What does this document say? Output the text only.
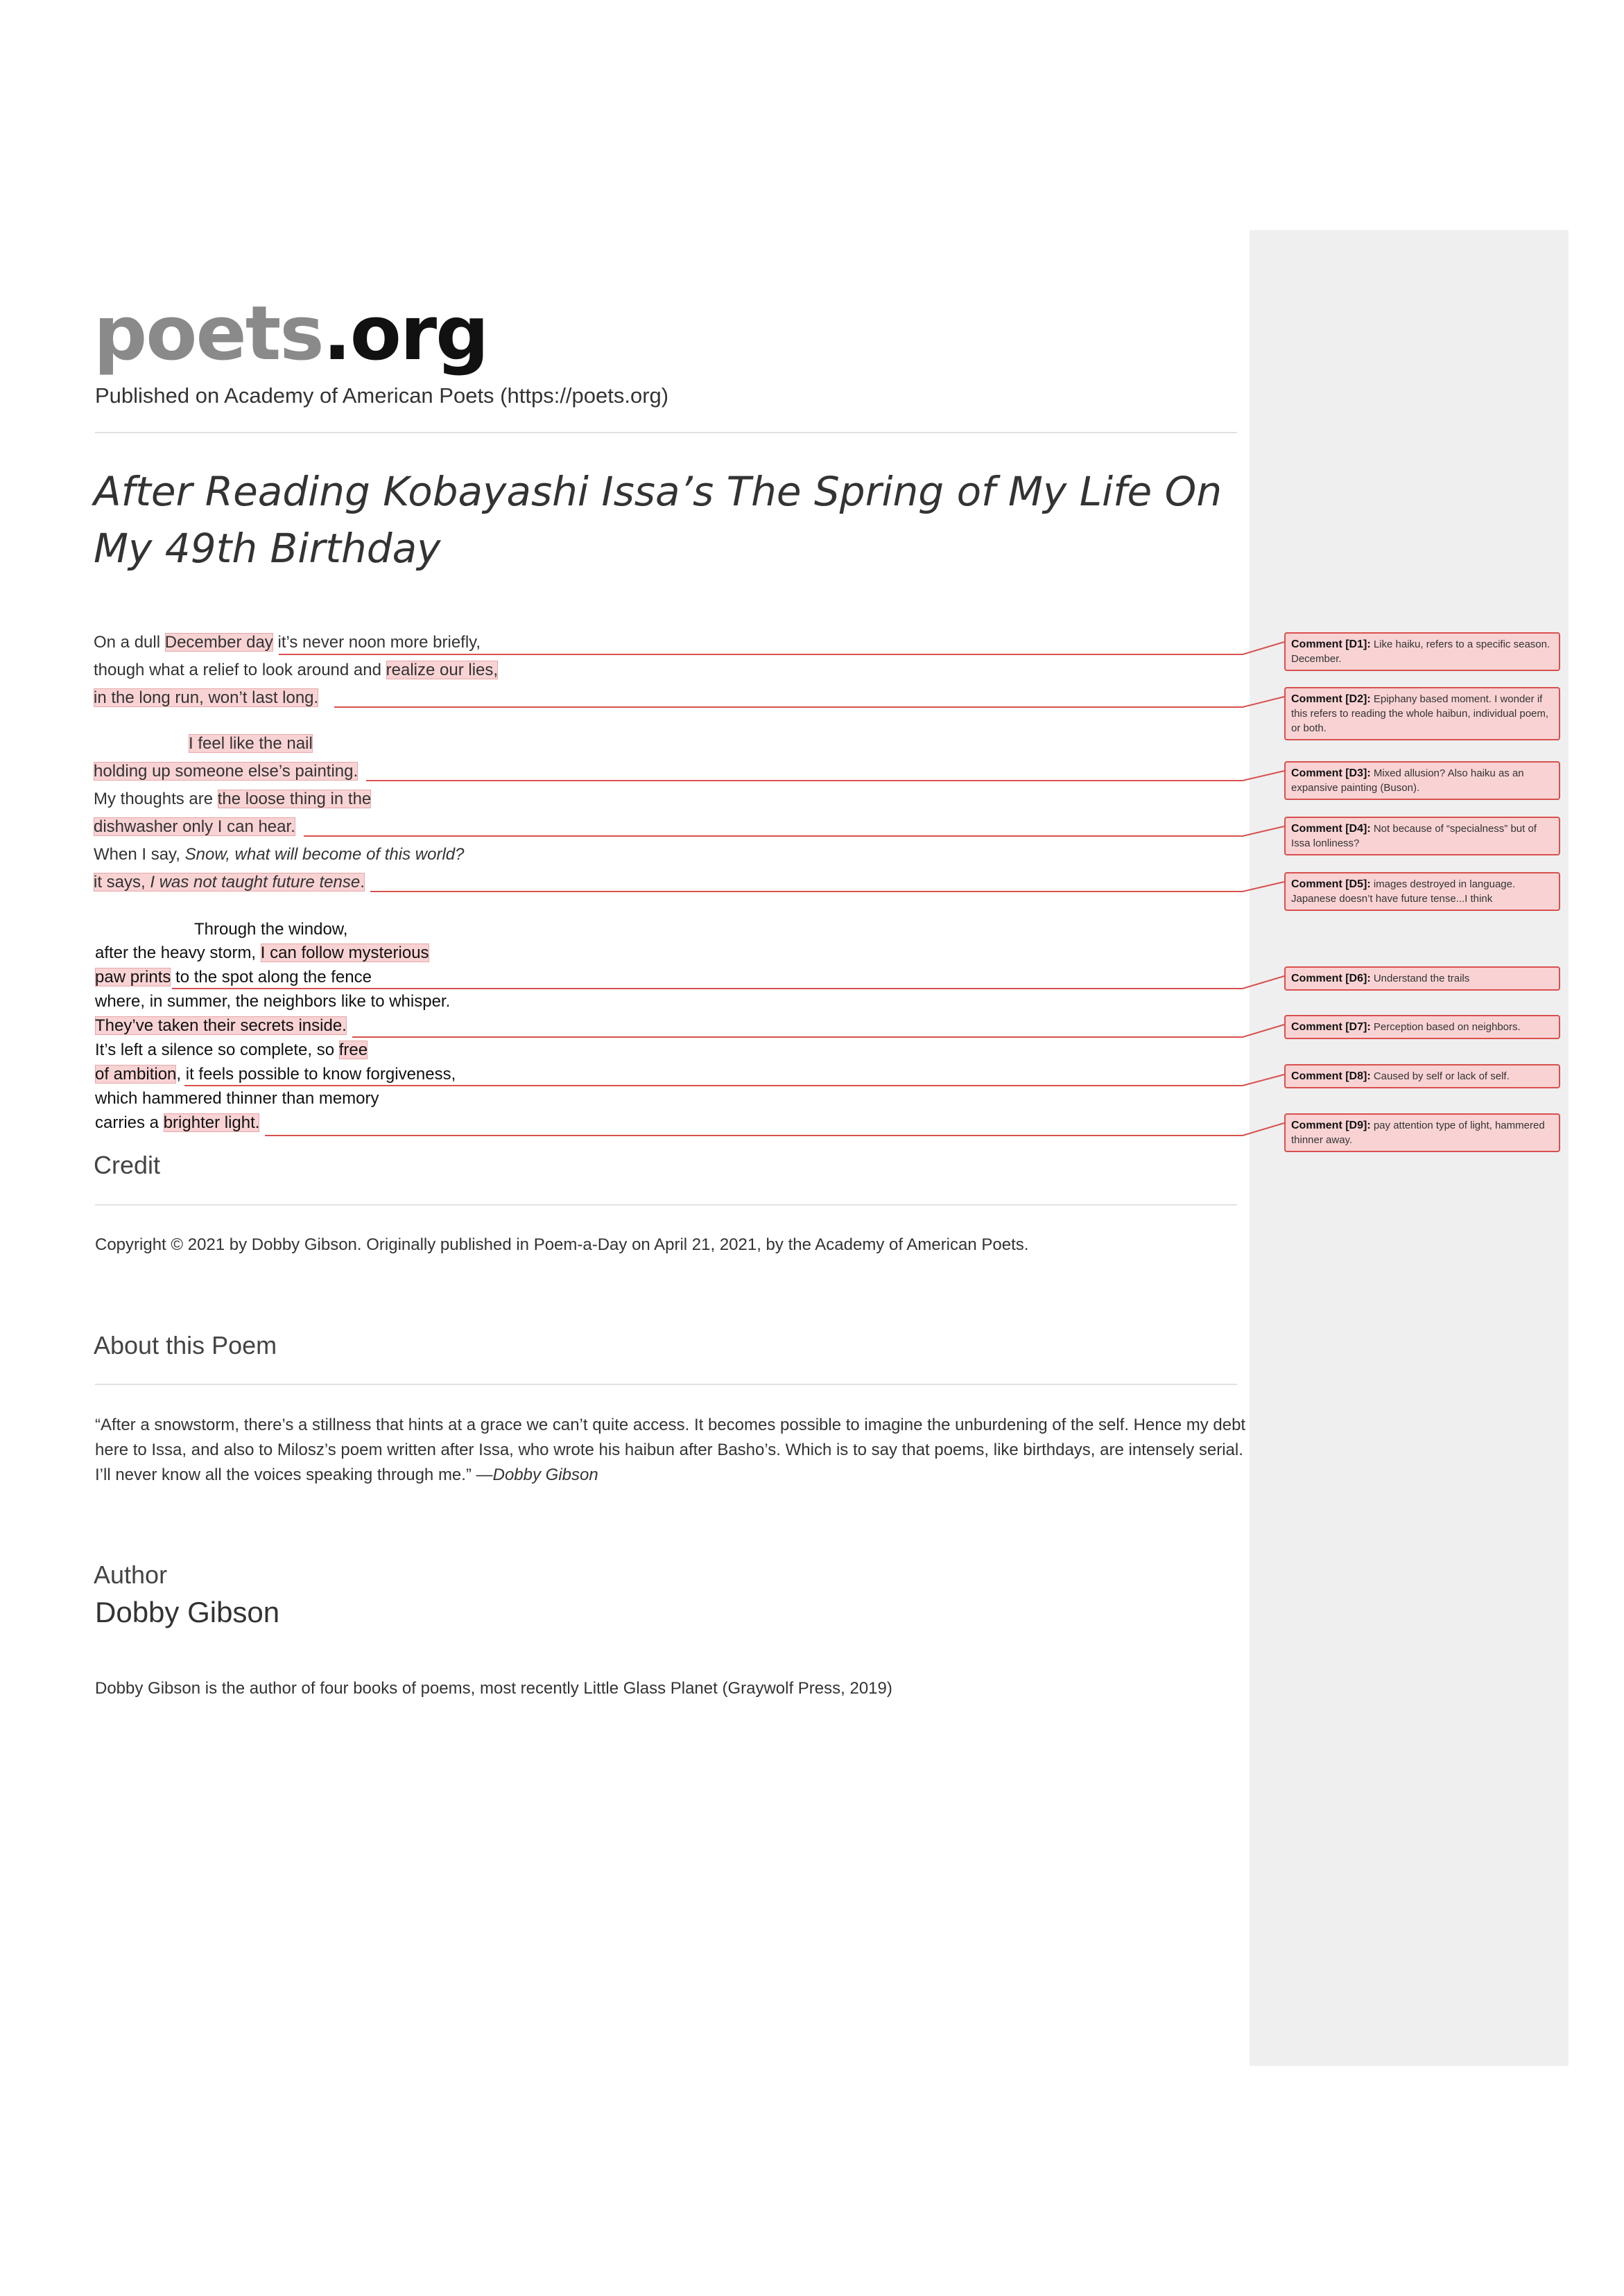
poets.org
Published on Academy of American Poets (https://poets.org)
After Reading Kobayashi Issa’s The Spring of My Life On My 49th Birthday
On a dull December day it’s never noon more briefly,
though what a relief to look around and realize our lies,
in the long run, won’t last long.
I feel like the nail
holding up someone else’s painting.
My thoughts are the loose thing in the
dishwasher only I can hear.
When I say, Snow, what will become of this world?
it says, I was not taught future tense.
Through the window,
after the heavy storm, I can follow mysterious
paw prints to the spot along the fence
where, in summer, the neighbors like to whisper.
They’ve taken their secrets inside.
It’s left a silence so complete, so free
of ambition, it feels possible to know forgiveness,
which hammered thinner than memory
carries a brighter light.
Credit
Copyright © 2021 by Dobby Gibson. Originally published in Poem-a-Day on April 21, 2021, by the Academy of American Poets.
About this Poem
“After a snowstorm, there’s a stillness that hints at a grace we can’t quite access. It becomes possible to imagine the unburdening of the self. Hence my debt here to Issa, and also to Milosz’s poem written after Issa, who wrote his haibun after Basho’s. Which is to say that poems, like birthdays, are intensely serial. I’ll never know all the voices speaking through me.” —Dobby Gibson
Author
Dobby Gibson
Dobby Gibson is the author of four books of poems, most recently Little Glass Planet (Graywolf Press, 2019)
Comment [D1]: Like haiku, refers to a specific season. December.
Comment [D2]: Epiphany based moment. I wonder if this refers to reading the whole haibun, individual poem, or both.
Comment [D3]: Mixed allusion? Also haiku as an expansive painting (Buson).
Comment [D4]: Not because of “specialness” but of Issa lonliness?
Comment [D5]: images destroyed in language. Japanese doesn’t have future tense...I think
Comment [D6]: Understand the trails
Comment [D7]: Perception based on neighbors.
Comment [D8]: Caused by self or lack of self.
Comment [D9]: pay attention type of light, hammered thinner away.
